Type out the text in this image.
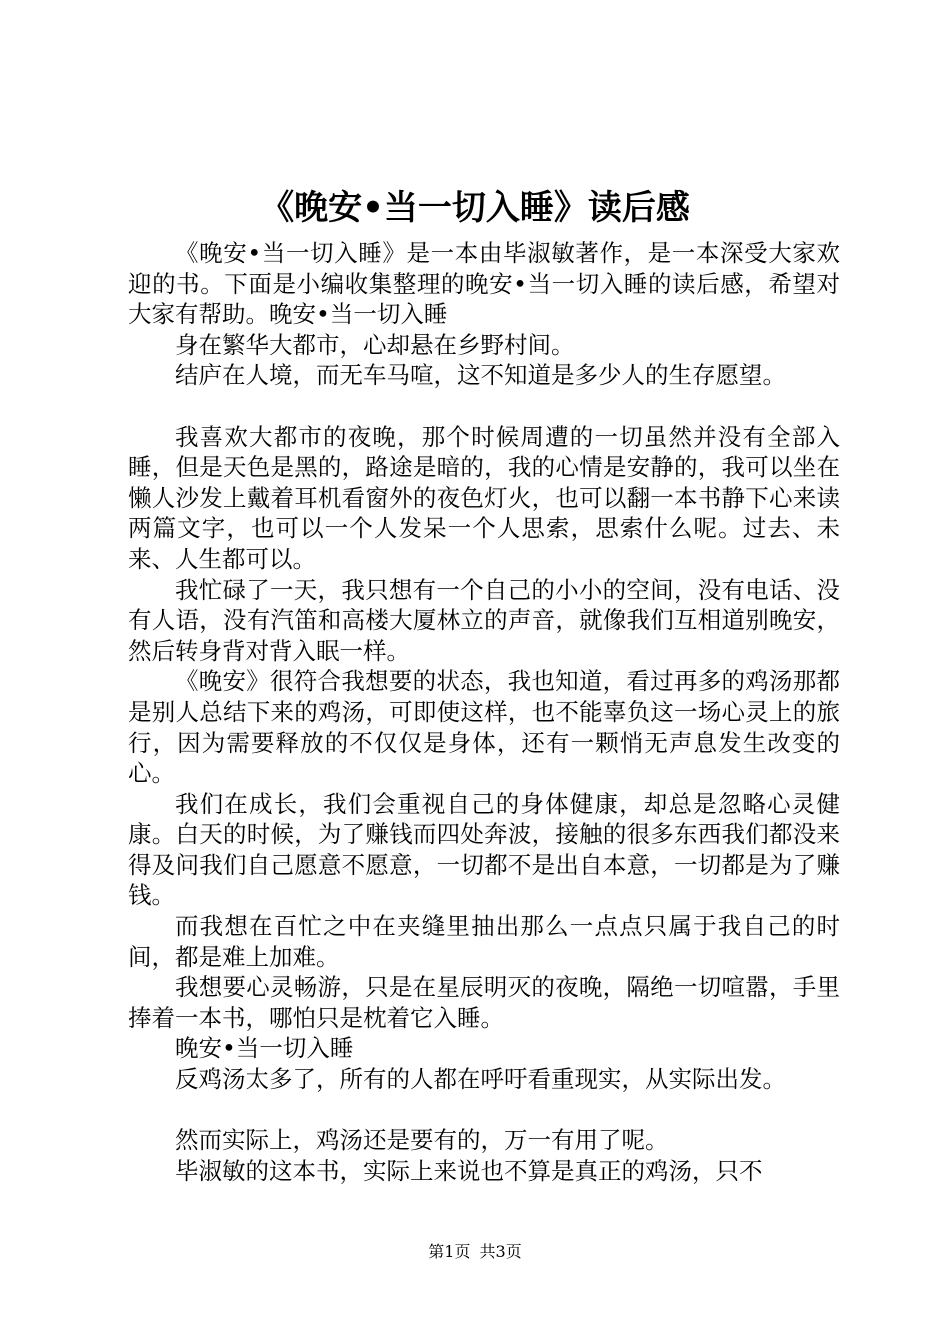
《晚安•当一切入睡》读后感

《晚安•当一切入睡》是一本由毕淑敏著作，是一本深受大家欢迎的书。下面是小编收集整理的晚安•当一切入睡的读后感，希望对大家有帮助。晚安•当一切入睡

身在繁华大都市，心却悬在乡野村间。

结庐在人境，而无车马喧，这不知道是多少人的生存愿望。

我喜欢大都市的夜晚，那个时候周遭的一切虽然并没有全部入睡，但是天色是黑的，路途是暗的，我的心情是安静的，我可以坐在懒人沙发上戴着耳机看窗外的夜色灯火，也可以翻一本书静下心来读两篇文字，也可以一个人发呆一个人思索，思索什么呢。过去、未来、人生都可以。

我忙碌了一天，我只想有一个自己的小小的空间，没有电话、没有人语，没有汽笛和高楼大厦林立的声音，就像我们互相道别晚安，然后转身背对背入眠一样。

《晚安》很符合我想要的状态，我也知道，看过再多的鸡汤那都是别人总结下来的鸡汤，可即使这样，也不能辜负这一场心灵上的旅行，因为需要释放的不仅仅是身体，还有一颗悄无声息发生改变的心。

我们在成长，我们会重视自己的身体健康，却总是忽略心灵健康。白天的时候，为了赚钱而四处奔波，接触的很多东西我们都没来得及问我们自己愿意不愿意，一切都不是出自本意，一切都是为了赚钱。

而我想在百忙之中在夹缝里抽出那么一点点只属于我自己的时间，都是难上加难。

我想要心灵畅游，只是在星辰明灭的夜晚，隔绝一切喧嚣，手里捧着一本书，哪怕只是枕着它入睡。

晚安•当一切入睡

反鸡汤太多了，所有的人都在呼吁看重现实，从实际出发。

然而实际上，鸡汤还是要有的，万一有用了呢。

毕淑敏的这本书，实际上来说也不算是真正的鸡汤，只不

第1页 共3页
